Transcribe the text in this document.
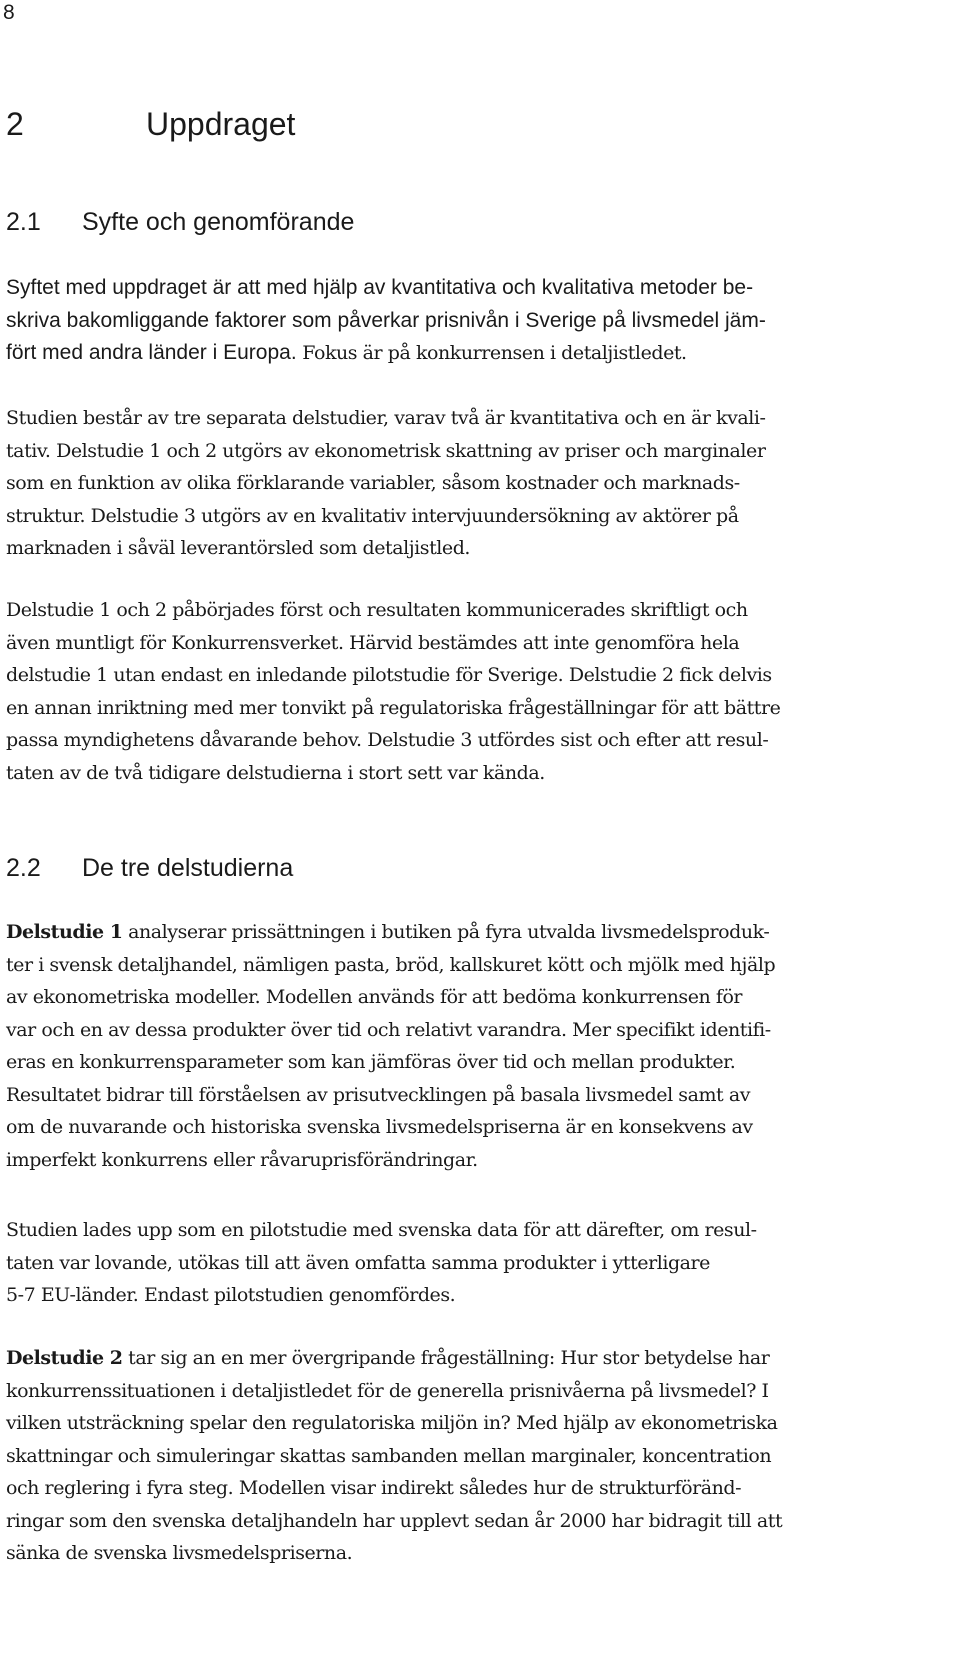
8
2	Uppdraget
2.1 Syfte och genomförande

Syftet med uppdraget är att med hjälp av kvantitativa och kvalitativa metoder be-
skriva bakomliggande faktorer som påverkar prisnivån i Sverige på livsmedel jäm-
fört med andra länder i Europa. Fokus är på konkurrensen i detaljistledet.

Studien består av tre separata delstudier, varav två är kvantitativa och en är kvali-
tativ. Delstudie 1 och 2 utgörs av ekonometrisk skattning av priser och marginaler
som en funktion av olika förklarande variabler, såsom kostnader och marknads-
struktur. Delstudie 3 utgörs av en kvalitativ intervjuundersökning av aktörer på
marknaden i såväl leverantörsled som detaljistled.

Delstudie 1 och 2 påbörjades först och resultaten kommunicerades skriftligt och
även muntligt för Konkurrensverket. Härvid bestämdes att inte genomföra hela
delstudie 1 utan endast en inledande pilotstudie för Sverige. Delstudie 2 fick delvis
en annan inriktning med mer tonvikt på regulatoriska frågeställningar för att bättre
passa myndighetens dåvarande behov. Delstudie 3 utfördes sist och efter att resul-
taten av de två tidigare delstudierna i stort sett var kända.

2.2 De tre delstudierna

Delstudie 1 analyserar prissättningen i butiken på fyra utvalda livsmedelsproduk-
ter i svensk detaljhandel, nämligen pasta, bröd, kallskuret kött och mjölk med hjälp
av ekonometriska modeller. Modellen används för att bedöma konkurrensen för
var och en av dessa produkter över tid och relativt varandra. Mer specifikt identifi-
eras en konkurrensparameter som kan jämföras över tid och mellan produkter.
Resultatet bidrar till förståelsen av prisutvecklingen på basala livsmedel samt av
om de nuvarande och historiska svenska livsmedelspriserna är en konsekvens av
imperfekt konkurrens eller råvaruprisförändringar.

Studien lades upp som en pilotstudie med svenska data för att därefter, om resul-
taten var lovande, utökas till att även omfatta samma produkter i ytterligare
5-7 EU-länder. Endast pilotstudien genomfördes.

Delstudie 2 tar sig an en mer övergripande frågeställning: Hur stor betydelse har
konkurrenssituationen i detaljistledet för de generella prisnivåerna på livsmedel? I
vilken utsträckning spelar den regulatoriska miljön in? Med hjälp av ekonometriska
skattningar och simuleringar skattas sambanden mellan marginaler, koncentration
och reglering i fyra steg. Modellen visar indirekt således hur de strukturföränd-
ringar som den svenska detaljhandeln har upplevt sedan år 2000 har bidragit till att
sänka de svenska livsmedelspriserna.
